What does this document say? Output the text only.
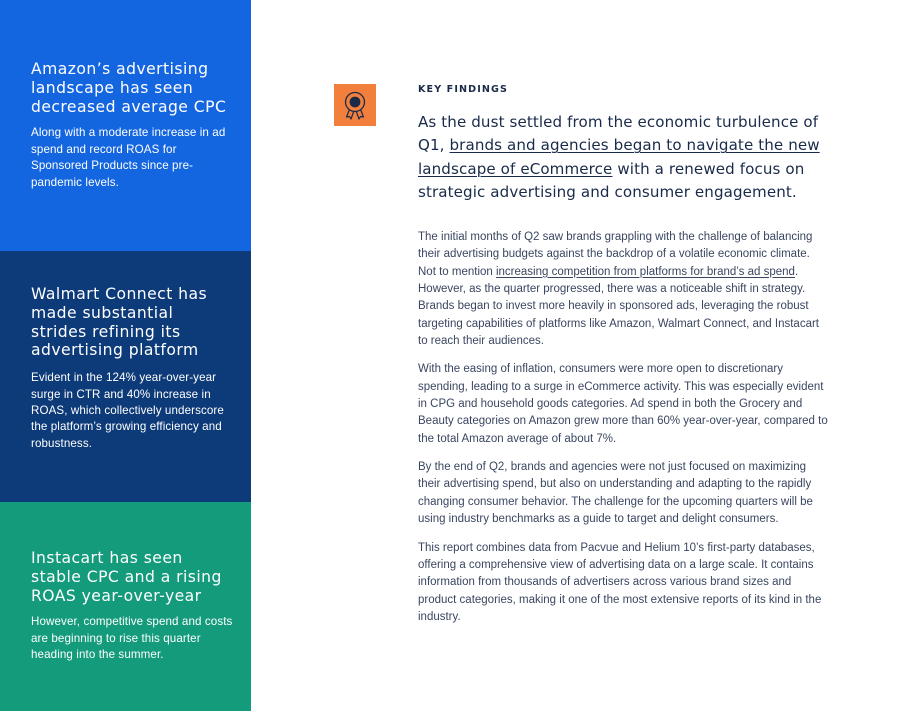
Amazon’s advertising landscape has seen decreased average CPC

Along with a moderate increase in ad spend and record ROAS for Sponsored Products since pre-pandemic levels.

Walmart Connect has made substantial strides refining its advertising platform

Evident in the 124% year-over-year surge in CTR and 40% increase in ROAS, which collectively underscore the platform’s growing efficiency and robustness.

Instacart has seen stable CPC and a rising ROAS year-over-year

However, competitive spend and costs are beginning to rise this quarter heading into the summer.

KEY FINDINGS

As the dust settled from the economic turbulence of Q1, brands and agencies began to navigate the new landscape of eCommerce with a renewed focus on strategic advertising and consumer engagement.

The initial months of Q2 saw brands grappling with the challenge of balancing their advertising budgets against the backdrop of a volatile economic climate. Not to mention increasing competition from platforms for brand’s ad spend. However, as the quarter progressed, there was a noticeable shift in strategy. Brands began to invest more heavily in sponsored ads, leveraging the robust targeting capabilities of platforms like Amazon, Walmart Connect, and Instacart to reach their audiences.

With the easing of inflation, consumers were more open to discretionary spending, leading to a surge in eCommerce activity. This was especially evident in CPG and household goods categories. Ad spend in both the Grocery and Beauty categories on Amazon grew more than 60% year-over-year, compared to the total Amazon average of about 7%.

By the end of Q2, brands and agencies were not just focused on maximizing their advertising spend, but also on understanding and adapting to the rapidly changing consumer behavior. The challenge for the upcoming quarters will be using industry benchmarks as a guide to target and delight consumers.

This report combines data from Pacvue and Helium 10’s first-party databases, offering a comprehensive view of advertising data on a large scale. It contains information from thousands of advertisers across various brand sizes and product categories, making it one of the most extensive reports of its kind in the industry.
